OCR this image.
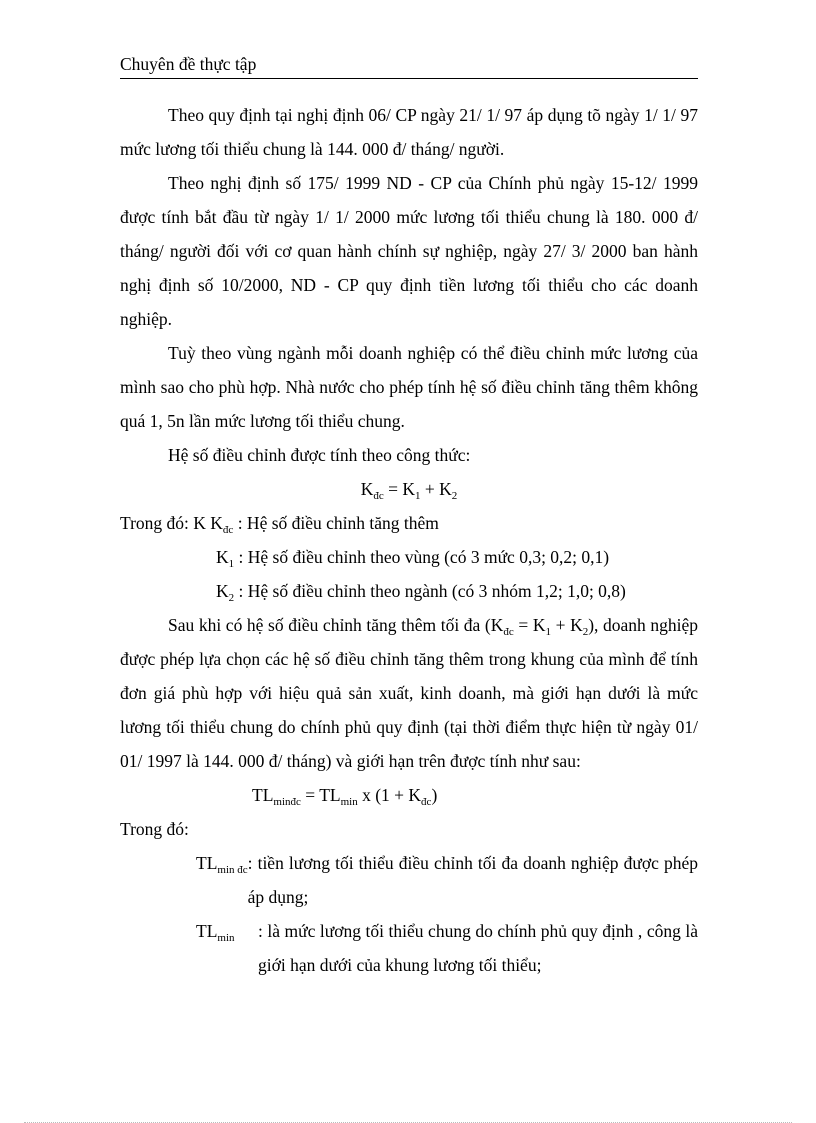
Chuyên đề thực tập

Theo quy định tại nghị định 06/ CP ngày 21/ 1/ 97 áp dụng tõ ngày 1/ 1/ 97 mức lương tối thiểu chung là 144. 000 đ/ tháng/ người.

Theo nghị định số 175/ 1999 ND - CP của Chính phủ ngày 15-12/ 1999 được tính bắt đầu từ ngày 1/ 1/ 2000 mức lương tối thiểu chung là 180. 000 đ/ tháng/ người đối với cơ quan hành chính sự nghiệp, ngày 27/ 3/ 2000 ban hành nghị định số 10/2000, ND - CP quy định tiền lương tối thiểu cho các doanh nghiệp.

Tuỳ theo vùng ngành mỗi doanh nghiệp có thể điều chỉnh mức lương của mình sao cho phù hợp. Nhà nước cho phép tính hệ số điều chỉnh tăng thêm không quá 1, 5n lần mức lương tối thiểu chung.

Hệ số điều chỉnh được tính theo công thức:

$K_{đc} = K_1 + K_2$

Trong đó: K $K_{đc}$ : Hệ số điều chỉnh tăng thêm

$K_1$ : Hệ số điều chỉnh theo vùng (có 3 mức 0,3; 0,2; 0,1)

$K_2$ : Hệ số điều chỉnh theo ngành (có 3 nhóm 1,2; 1,0; 0,8)

Sau khi có hệ số điều chỉnh tăng thêm tối đa $(K_{đc} = K_1 + K_2)$, doanh nghiệp được phép lựa chọn các hệ số điều chỉnh tăng thêm trong khung của mình để tính đơn giá phù hợp với hiệu quả sản xuất, kinh doanh, mà giới hạn dưới là mức lương tối thiểu chung do chính phủ quy định (tại thời điểm thực hiện từ ngày 01/ 01/ 1997 là 144. 000 đ/ tháng) và giới hạn trên được tính như sau:

$TL_{minđc} = TL_{min}$ x $(1 + K_{đc})$

Trong đó:

$TL_{min đc}$ : tiền lương tối thiểu điều chỉnh tối đa doanh nghiệp được phép áp dụng;
$TL_{min}$	: là mức lương tối thiểu chung do chính phủ quy định , công là giới hạn dưới của khung lương tối thiểu;
